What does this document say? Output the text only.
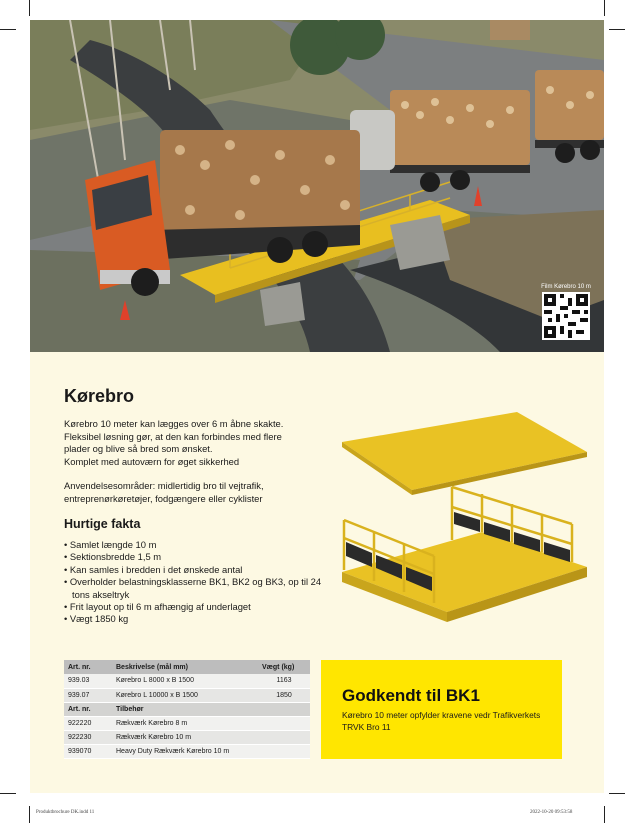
Film Kørebro 10 m
Kørebro

Kørebro 10 meter kan lægges over 6 m åbne skakte.

Fleksibel løsning gør, at den kan forbindes med flere

plader og blive så bred som ønsket.

Komplet med autoværn for øget sikkerhed

Anvendelsesområder: midlertidig bro til vejtrafik,

entreprenørkøretøjer, fodgængere eller cyklister

Hurtige fakta
• Samlet længde 10 m
• Sektionsbredde 1,5 m
• Kan samles i bredden i det ønskede antal
• Overholder belastningsklasserne BK1, BK2 og BK3, op til 24 tons akseltryk
• Frit layout op til 6 m afhængig af underlaget
• Vægt 1850 kg
Art. nr.	Beskrivelse (mål mm)	Vægt (kg)
939.03	Kørebro L 8000 x B 1500	1163
939.07	Kørebro L 10000 x B 1500	1850
Art. nr.	Tilbehør	
922220	Rækværk Kørebro 8 m	
922230	Rækværk Kørebro 10 m	
939070	Heavy Duty Rækværk Kørebro 10 m	
Godkendt til BK1
Kørebro 10 meter opfylder kravene vedr Trafikverkets TRVK Bro 11
Produktbrochure DK.indd 11	2022-10-20 09:53:58
